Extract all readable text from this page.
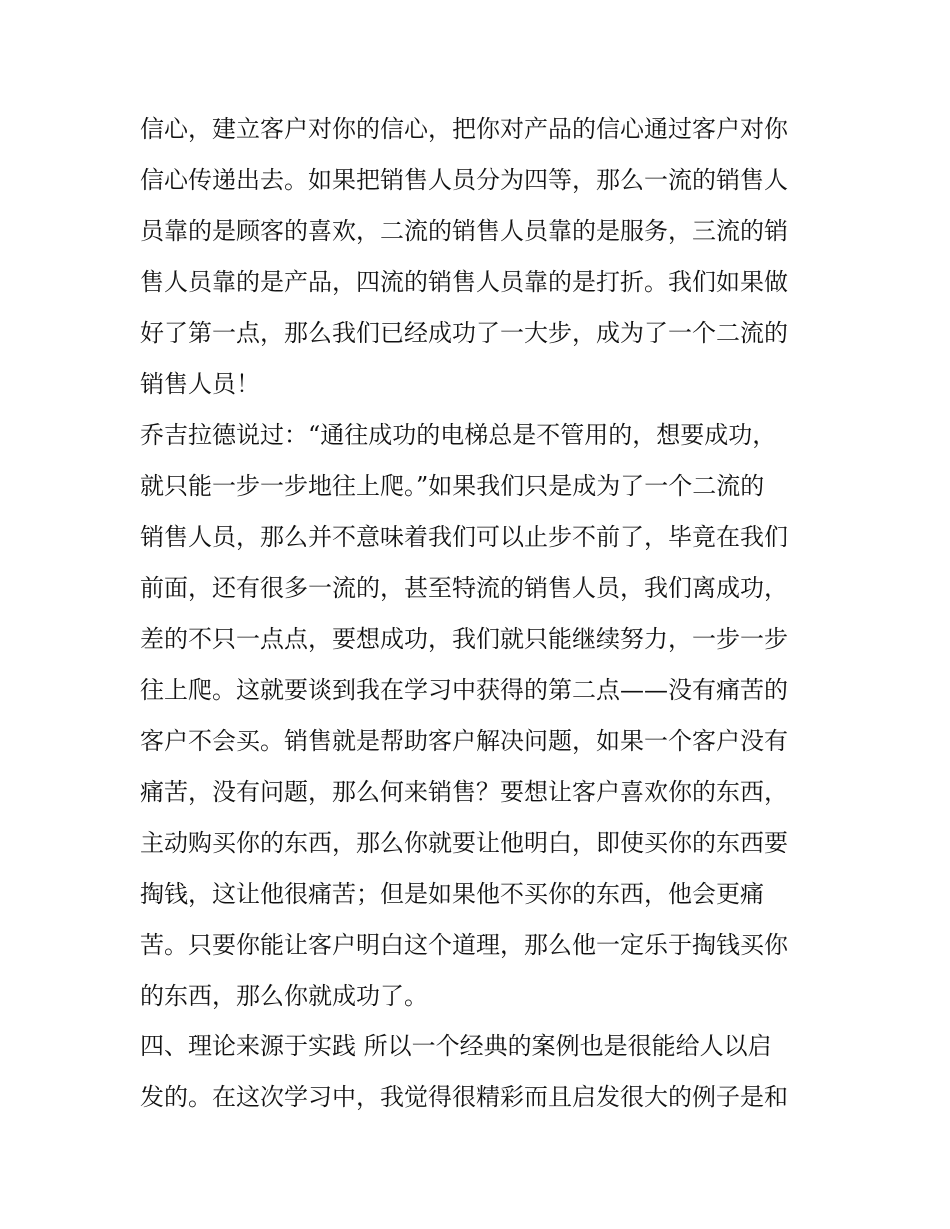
信心，建立客户对你的信心，把你对产品的信心通过客户对你
信心传递出去。如果把销售人员分为四等，那么一流的销售人
员靠的是顾客的喜欢，二流的销售人员靠的是服务，三流的销
售人员靠的是产品，四流的销售人员靠的是打折。我们如果做
好了第一点，那么我们已经成功了一大步，成为了一个二流的
销售人员！
乔吉拉德说过：“通往成功的电梯总是不管用的，想要成功，
就只能一步一步地往上爬。”如果我们只是成为了一个二流的
销售人员，那么并不意味着我们可以止步不前了，毕竟在我们
前面，还有很多一流的，甚至特流的销售人员，我们离成功，
差的不只一点点，要想成功，我们就只能继续努力，一步一步
往上爬。这就要谈到我在学习中获得的第二点——没有痛苦的
客户不会买。销售就是帮助客户解决问题，如果一个客户没有
痛苦，没有问题，那么何来销售？要想让客户喜欢你的东西，
主动购买你的东西，那么你就要让他明白，即使买你的东西要
掏钱，这让他很痛苦；但是如果他不买你的东西，他会更痛
苦。只要你能让客户明白这个道理，那么他一定乐于掏钱买你
的东西，那么你就成功了。
四、理论来源于实践 所以一个经典的案例也是很能给人以启
发的。在这次学习中，我觉得很精彩而且启发很大的例子是和
